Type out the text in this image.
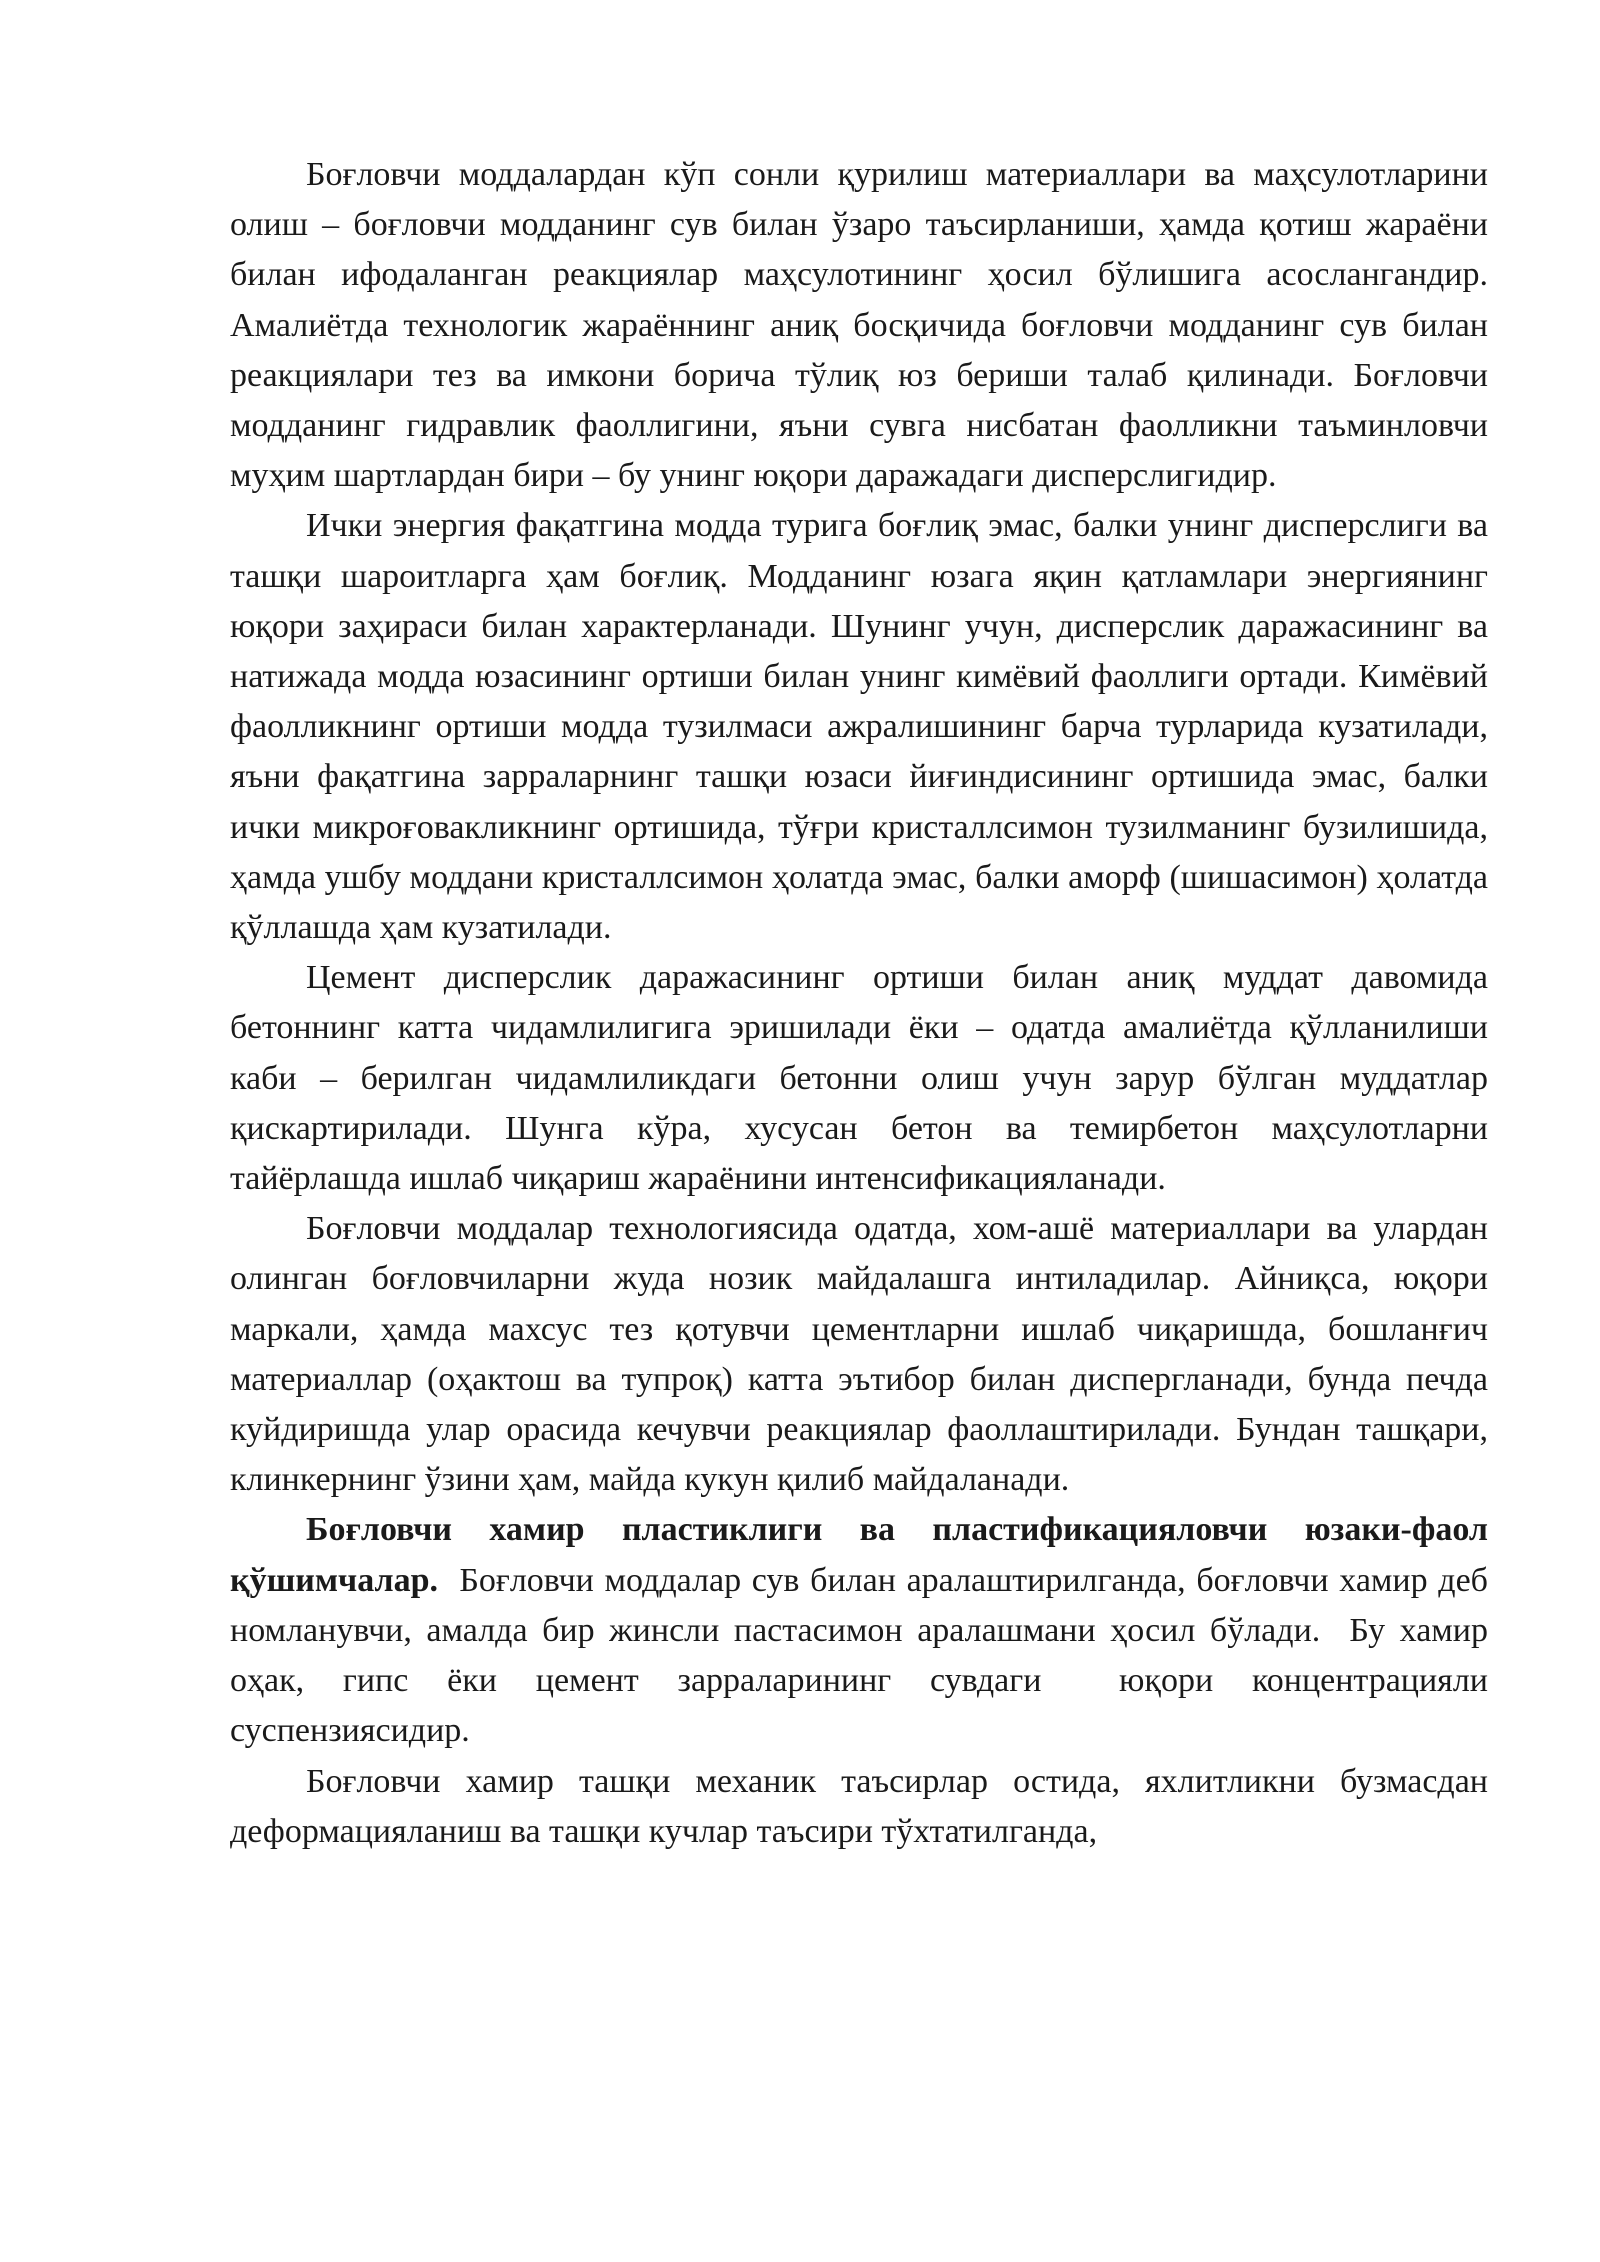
Боғловчи моддалардан кўп сонли қурилиш материаллари ва маҳсулотларини олиш – боғловчи модданинг сув билан ўзаро таъсирланиши, ҳамда қотиш жараёни билан ифодаланган реакциялар маҳсулотининг ҳосил бўлишига асослангандир. Амалиётда технологик жараённинг аниқ босқичида боғловчи модданинг сув билан реакциялари тез ва имкони борича тўлиқ юз бериши талаб қилинади. Боғловчи модданинг гидравлик фаоллигини, яъни сувга нисбатан фаолликни таъминловчи муҳим шартлардан бири – бу унинг юқори даражадаги дисперслигидир.

Ички энергия фақатгина модда турига боғлиқ эмас, балки унинг дисперслиги ва ташқи шароитларга ҳам боғлиқ. Модданинг юзага яқин қатламлари энергиянинг юқори заҳираси билан характерланади. Шунинг учун, дисперслик даражасининг ва натижада модда юзасининг ортиши билан унинг кимёвий фаоллиги ортади. Кимёвий фаолликнинг ортиши модда тузилмаси ажралишининг барча турларида кузатилади, яъни фақатгина зарраларнинг ташқи юзаси йиғиндисининг ортишида эмас, балки ички микроғовакликнинг ортишида, тўғри кристаллсимон тузилманинг бузилишида, ҳамда ушбу моддани кристаллсимон ҳолатда эмас, балки аморф (шишасимон) ҳолатда қўллашда ҳам кузатилади.

Цемент дисперслик даражасининг ортиши билан аниқ муддат давомида бетоннинг катта чидамлилигига эришилади ёки – одатда амалиётда қўлланилиши каби – берилган чидамлиликдаги бетонни олиш учун зарур бўлган муддатлар қискартирилади. Шунга кўра, хусусан бетон ва темирбетон маҳсулотларни тайёрлашда ишлаб чиқариш жараёнини интенсификацияланади.

Боғловчи моддалар технологиясида одатда, хом-ашё материаллари ва улардан олинган боғловчиларни жуда нозик майдалашга интиладилар. Айниқса, юқори маркали, ҳамда махсус тез қотувчи цементларни ишлаб чиқаришда, бошланғич материаллар (оҳактош ва тупроқ) катта эътибор билан диспергланади, бунда печда куйдиришда улар орасида кечувчи реакциялар фаоллаштирилади. Бундан ташқари, клинкернинг ўзини ҳам, майда кукун қилиб майдаланади.

Боғловчи хамир пластиклиги ва пластификацияловчи юзаки-фаол қўшимчалар.  Боғловчи моддалар сув билан аралаштирилганда, боғловчи хамир деб номланувчи, амалда бир жинсли пастасимон аралашмани ҳосил бўлади.  Бу хамир оҳак, гипс ёки цемент зарраларининг сувдаги  юқори концентрацияли суспензиясидир.

Боғловчи хамир ташқи механик таъсирлар остида, яхлитликни бузмасдан деформацияланиш ва ташқи кучлар таъсири тўхтатилганда,
